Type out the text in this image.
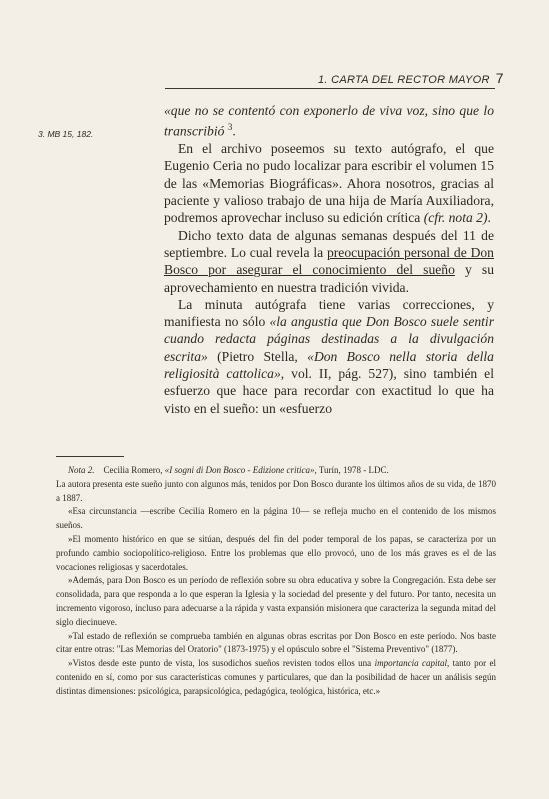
1. CARTA DEL RECTOR MAYOR 7
3. MB 15, 182.

«que no se contentó con exponerlo de viva voz, sino que lo transcribió $^3$.

En el archivo poseemos su texto autógrafo, el que Eugenio Ceria no pudo localizar para escribir el volumen 15 de las «Memorias Biográficas». Ahora nosotros, gracias al paciente y valioso trabajo de una hija de María Auxiliadora, podremos aprovechar incluso su edición crítica (cfr. nota 2).

Dicho texto data de algunas semanas después del 11 de septiembre. Lo cual revela la preocupación personal de Don Bosco por asegurar el conocimiento del sueño y su aprovechamiento en nuestra tradición vivida.

La minuta autógrafa tiene varias correcciones, y manifiesta no sólo «la angustia que Don Bosco suele sentir cuando redacta páginas destinadas a la divulgación escrita» (Pietro Stella, «Don Bosco nella storia della religiosità cattolica», vol. II, pág. 527), sino también el esfuerzo que hace para recordar con exactitud lo que ha visto en el sueño: un «esfuerzo

Nota 2. Cecilia Romero, «I sogni di Don Bosco - Edizione critica», Turín, 1978 - LDC.

La autora presenta este sueño junto con algunos más, tenidos por Don Bosco durante los últimos años de su vida, de 1870 a 1887.

«Esa circunstancia —escribe Cecilia Romero en la página 10— se refleja mucho en el contenido de los mismos sueños.

»El momento histórico en que se sitúan, después del fin del poder temporal de los papas, se caracteriza por un profundo cambio sociopolítico-religioso. Entre los problemas que ello provocó, uno de los más graves es el de las vocaciones religiosas y sacerdotales.

»Además, para Don Bosco es un período de reflexión sobre su obra educativa y sobre la Congregación. Esta debe ser consolidada, para que responda a lo que esperan la Iglesia y la sociedad del presente y del futuro. Por tanto, necesita un incremento vigoroso, incluso para adecuarse a la rápida y vasta expansión misionera que caracteriza la segunda mitad del siglo diecinueve.

»Tal estado de reflexión se comprueba también en algunas obras escritas por Don Bosco en este período. Nos baste citar entre otras: "Las Memorias del Oratorio" (1873-1975) y el opúsculo sobre el "Sistema Preventivo" (1877).

»Vistos desde este punto de vista, los susodichos sueños revisten todos ellos una importancia capital, tanto por el contenido en sí, como por sus características comunes y particulares, que dan la posibilidad de hacer un análisis según distintas dimensiones: psicológica, parapsicológica, pedagógica, teológica, histórica, etc.»
